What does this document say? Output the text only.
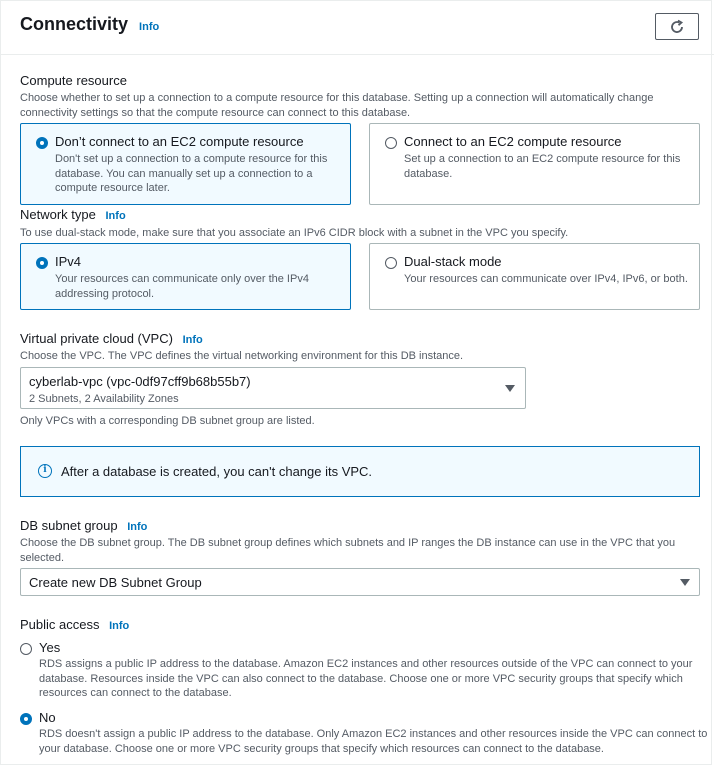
Connectivity Info
Compute resource
Choose whether to set up a connection to a compute resource for this database. Setting up a connection will automatically change
connectivity settings so that the compute resource can connect to this database.
Don’t connect to an EC2 compute resource
Don't set up a connection to a compute resource for this
database. You can manually set up a connection to a
compute resource later.
Connect to an EC2 compute resource
Set up a connection to an EC2 compute resource for this
database.
Network type Info
To use dual-stack mode, make sure that you associate an IPv6 CIDR block with a subnet in the VPC you specify.
IPv4
Your resources can communicate only over the IPv4
addressing protocol.
Dual-stack mode
Your resources can communicate over IPv4, IPv6, or both.
Virtual private cloud (VPC) Info
Choose the VPC. The VPC defines the virtual networking environment for this DB instance.
cyberlab-vpc (vpc-0df97cff9b68b55b7)
2 Subnets, 2 Availability Zones
Only VPCs with a corresponding DB subnet group are listed.
i	After a database is created, you can't change its VPC.
DB subnet group Info
Choose the DB subnet group. The DB subnet group defines which subnets and IP ranges the DB instance can use in the VPC that you
selected.
Create new DB Subnet Group
Public access Info
Yes
RDS assigns a public IP address to the database. Amazon EC2 instances and other resources outside of the VPC can connect to your
database. Resources inside the VPC can also connect to the database. Choose one or more VPC security groups that specify which
resources can connect to the database.
No
RDS doesn't assign a public IP address to the database. Only Amazon EC2 instances and other resources inside the VPC can connect to
your database. Choose one or more VPC security groups that specify which resources can connect to the database.
